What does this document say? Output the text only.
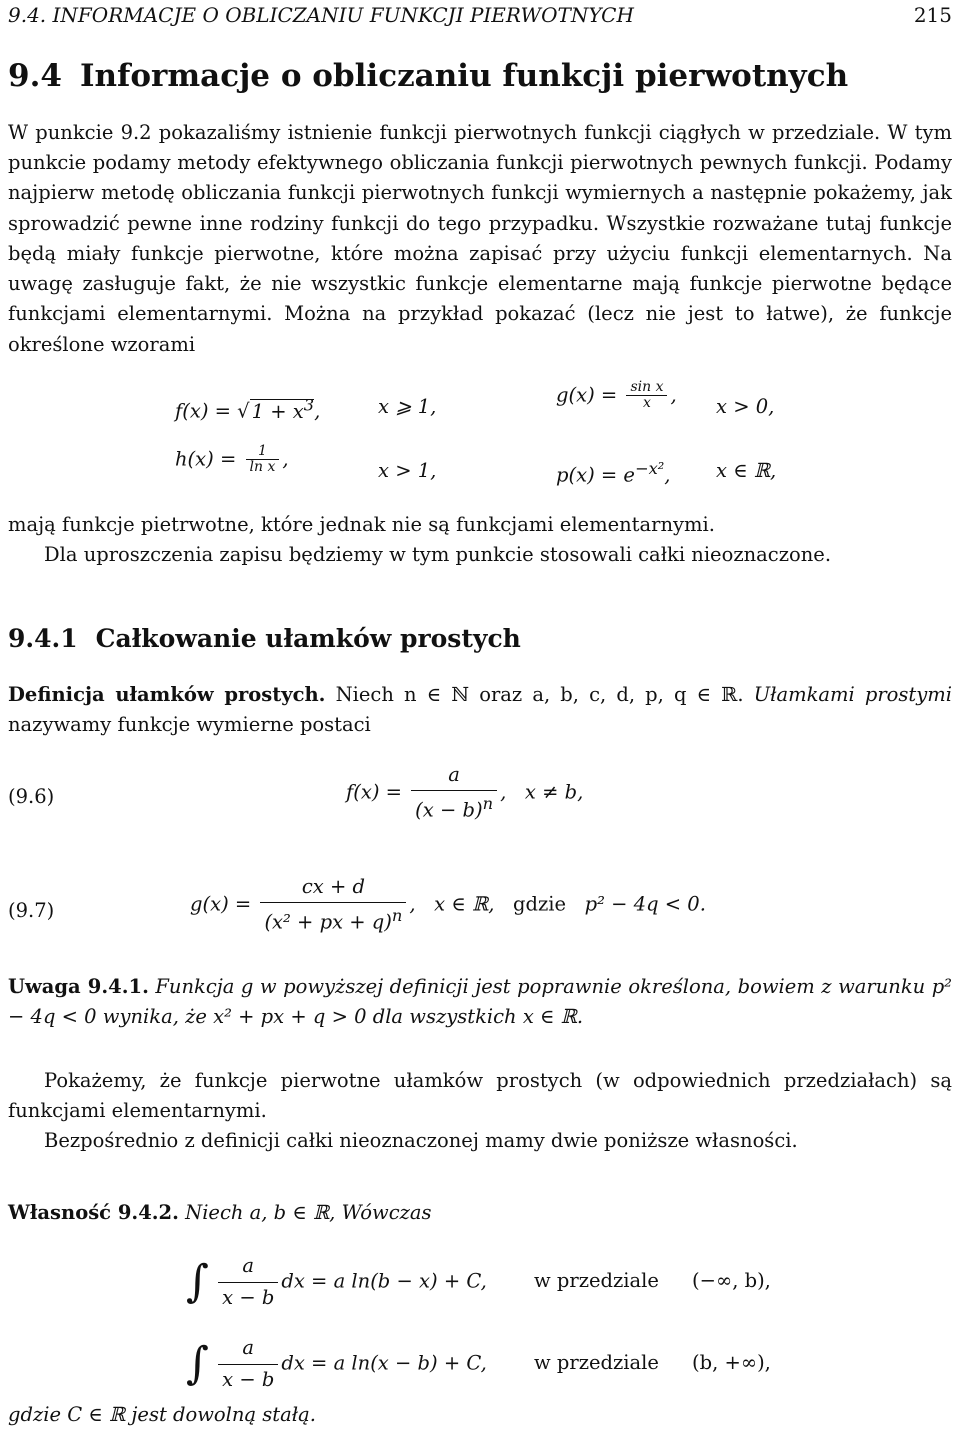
9.4. INFORMACJE O OBLICZANIU FUNKCJI PIERWOTNYCH	215
9.4 Informacje o obliczaniu funkcji pierwotnych

W punkcie 9.2 pokazaliśmy istnienie funkcji pierwotnych funkcji ciągłych w przedziale. W tym punkcie podamy metody efektywnego obliczania funkcji pierwotnych pewnych funkcji. Podamy najpierw metodę obliczania funkcji pierwotnych funkcji wymiernych a następnie pokażemy, jak sprowadzić pewne inne rodziny funkcji do tego przypadku. Wszystkie rozważane tutaj funkcje będą miały funkcje pierwotne, które można zapisać przy użyciu funkcji elementarnych. Na uwagę zasługuje fakt, że nie wszystkic funkcje elementarne mają funkcje pierwotne będące funkcjami elementarnymi. Można na przykład pokazać (lecz nie jest to łatwe), że funkcje określone wzorami

f(x) = √ $1 + x^3$,	x ⩾ 1,
$g(x) = \frac{\text{sin x}}{x}$ ,
x > 0,
$h(x) = \frac{1}{\text{ln x}}$ ,
x > 1,	$p(x) = e^{-x^2}$, x ∈ ℝ,

mają funkcje pietrwotne, które jednak nie są funkcjami elementarnymi.

Dla uproszczenia zapisu będziemy w tym punkcie stosowali całki nieoznaczone.

9.4.1 Całkowanie ułamków prostych

Definicja ułamków prostych. Niech n ∈ ℕ oraz a, b, c, d, p, q ∈ ℝ. Ułamkami prostymi nazywamy funkcje wymierne postaci

(9.6)	$f(x) = \frac{a}{(x - b)^n}$ ,   x ≠ b,
(9.7)	$g(x) = \frac{cx + d}{(x^2 + px + q)^n}$ ,   x ∈ ℝ, gdzie p² − 4q < 0.

Uwaga 9.4.1. Funkcja g w powyższej definicji jest poprawnie określona, bowiem z warunku p² − 4q < 0 wynika, że x² + px + q > 0 dla wszystkich x ∈ ℝ.

Pokażemy, że funkcje pierwotne ułamków prostych (w odpowiednich przedziałach) są funkcjami elementarnymi.

Bezpośrednio z definicji całki nieoznaczonej mamy dwie poniższe własności.

Własność 9.4.2. Niech a, b ∈ ℝ, Wówczas

∫ $\frac{a}{x - b}$ dx = a ln(b − x) + C, w przedziale (−∞, b),
∫ $\frac{a}{x - b}$ dx = a ln(x − b) + C, w przedziale (b, +∞),

gdzie C ∈ ℝ jest dowolną stałą.
